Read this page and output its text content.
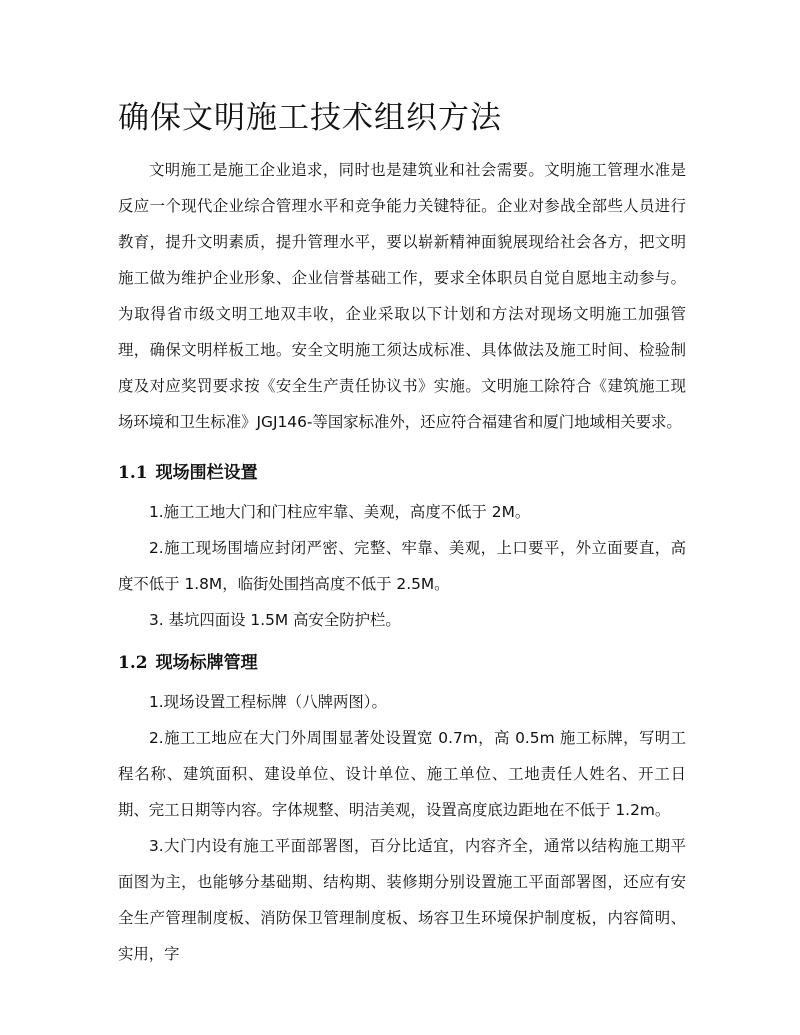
确保文明施工技术组织方法

文明施工是施工企业追求，同时也是建筑业和社会需要。文明施工管理水准是反应一个现代企业综合管理水平和竞争能力关键特征。企业对参战全部些人员进行教育，提升文明素质，提升管理水平，要以崭新精神面貌展现给社会各方，把文明施工做为维护企业形象、企业信誉基础工作，要求全体职员自觉自愿地主动参与。为取得省市级文明工地双丰收，企业采取以下计划和方法对现场文明施工加强管理，确保文明样板工地。安全文明施工须达成标准、具体做法及施工时间、检验制度及对应奖罚要求按《安全生产责任协议书》实施。文明施工除符合《建筑施工现场环境和卫生标准》JGJ146-等国家标准外，还应符合福建省和厦门地域相关要求。

1.1 现场围栏设置

1.施工工地大门和门柱应牢靠、美观，高度不低于 2M。

2.施工现场围墙应封闭严密、完整、牢靠、美观，上口要平，外立面要直，高度不低于 1.8M，临街处围挡高度不低于 2.5M。

3. 基坑四面设 1.5M 高安全防护栏。

1.2 现场标牌管理

1.现场设置工程标牌（八牌两图）。

2.施工工地应在大门外周围显著处设置宽 0.7m，高 0.5m 施工标牌，写明工程名称、建筑面积、建设单位、设计单位、施工单位、工地责任人姓名、开工日期、完工日期等内容。字体规整、明洁美观，设置高度底边距地在不低于 1.2m。

3.大门内设有施工平面部署图，百分比适宜，内容齐全，通常以结构施工期平面图为主，也能够分基础期、结构期、装修期分别设置施工平面部署图，还应有安全生产管理制度板、消防保卫管理制度板、场容卫生环境保护制度板，内容简明、实用，字
